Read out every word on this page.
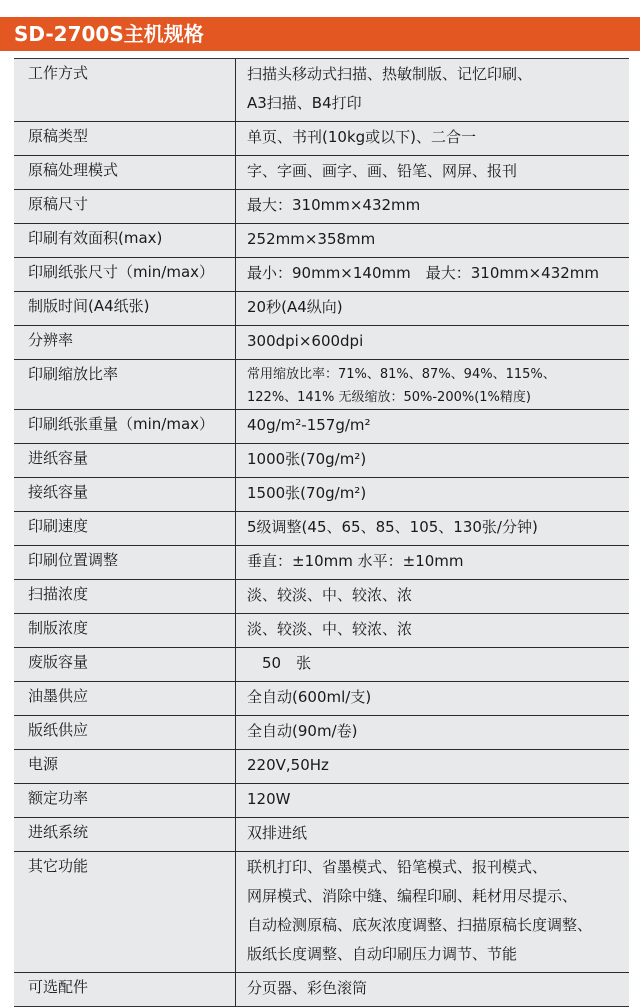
SD-2700S主机规格
工作方式	扫描头移动式扫描、热敏制版、记忆印刷、
A3扫描、B4打印
原稿类型	单页、书刊(10kg或以下)、二合一
原稿处理模式	字、字画、画字、画、铅笔、网屏、报刊
原稿尺寸	最大：310mm×432mm
印刷有效面积(max)	252mm×358mm
印刷纸张尺寸（min/max）	最小：90mm×140mm　最大：310mm×432mm
制版时间(A4纸张)	20秒(A4纵向)
分辨率	300dpi×600dpi
印刷缩放比率	常用缩放比率：71%、81%、87%、94%、115%、
122%、141% 无级缩放：50%-200%(1%精度)
印刷纸张重量（min/max）	40g/m²-157g/m²
进纸容量	1000张(70g/m²)
接纸容量	1500张(70g/m²)
印刷速度	5级调整(45、65、85、105、130张/分钟)
印刷位置调整	垂直：±10mm 水平：±10mm
扫描浓度	淡、较淡、中、较浓、浓
制版浓度	淡、较淡、中、较浓、浓
废版容量	　50　张
油墨供应	全自动(600ml/支)
版纸供应	全自动(90m/卷)
电源	220V,50Hz
额定功率	120W
进纸系统	双排进纸
其它功能	联机打印、省墨模式、铅笔模式、报刊模式、
网屏模式、消除中缝、编程印刷、耗材用尽提示、
自动检测原稿、底灰浓度调整、扫描原稿长度调整、
版纸长度调整、自动印刷压力调节、节能
可选配件	分页器、彩色滚筒
